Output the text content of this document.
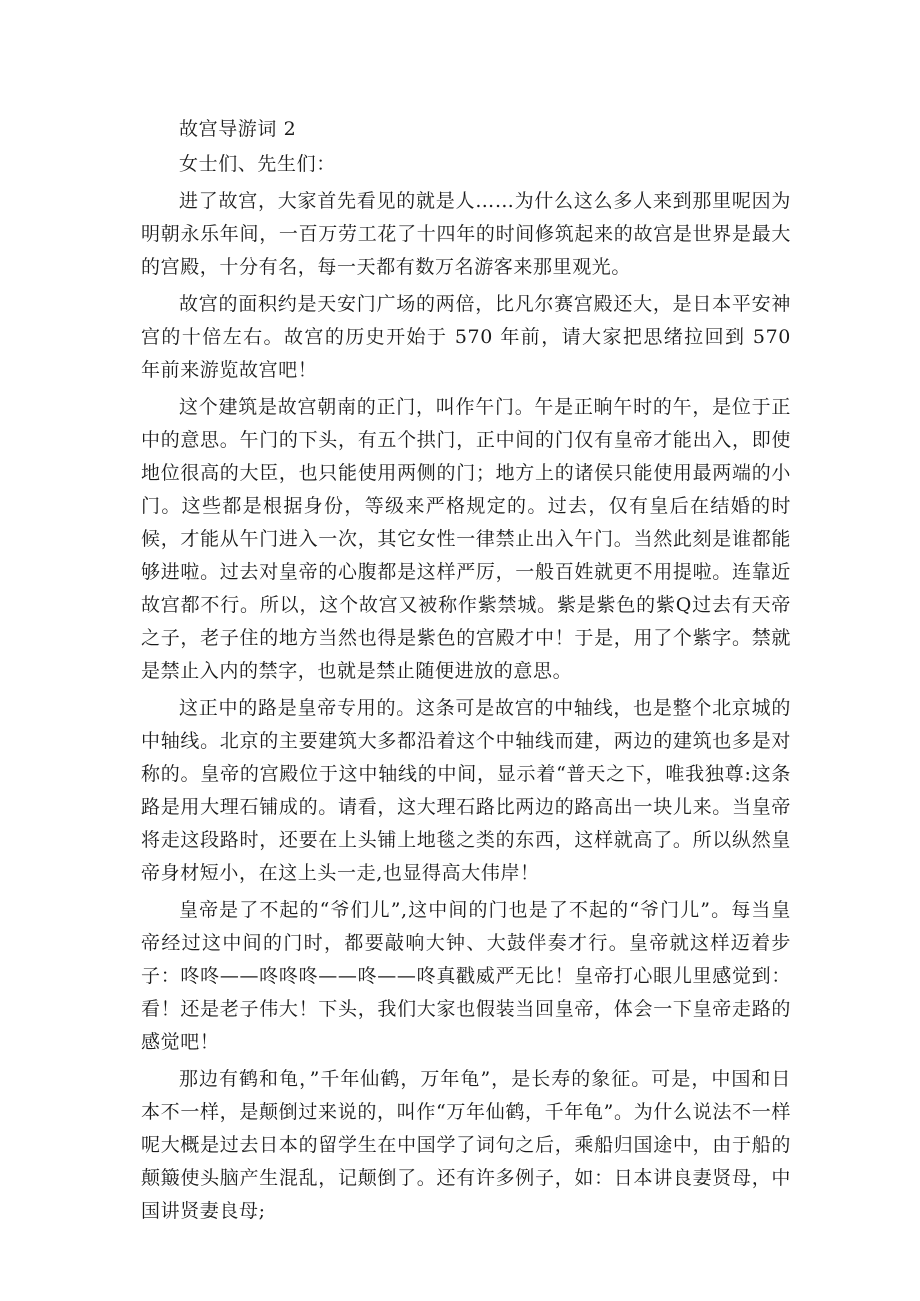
故宫导游词 2
女士们、先生们：
进了故宫，大家首先看见的就是人……为什么这么多人来到那里呢因为明朝永乐年间，一百万劳工花了十四年的时间修筑起来的故宫是世界是最大的宫殿，十分有名，每一天都有数万名游客来那里观光。
故宫的面积约是天安门广场的两倍，比凡尔赛宫殿还大，是日本平安神宫的十倍左右。故宫的历史开始于 570 年前，请大家把思绪拉回到 570 年前来游览故宫吧！
这个建筑是故宫朝南的正门，叫作午门。午是正晌午时的午，是位于正中的意思。午门的下头，有五个拱门，正中间的门仅有皇帝才能出入，即使地位很高的大臣，也只能使用两侧的门；地方上的诸侯只能使用最两端的小门。这些都是根据身份，等级来严格规定的。过去，仅有皇后在结婚的时候，才能从午门进入一次，其它女性一律禁止出入午门。当然此刻是谁都能够进啦。过去对皇帝的心腹都是这样严厉，一般百姓就更不用提啦。连靠近故宫都不行。所以，这个故宫又被称作紫禁城。紫是紫色的紫Q过去有天帝之子，老子住的地方当然也得是紫色的宫殿才中！于是，用了个紫字。禁就是禁止入内的禁字，也就是禁止随便进放的意思。
这正中的路是皇帝专用的。这条可是故宫的中轴线，也是整个北京城的中轴线。北京的主要建筑大多都沿着这个中轴线而建，两边的建筑也多是对称的。皇帝的宫殿位于这中轴线的中间，显示着“普天之下，唯我独尊:这条路是用大理石铺成的。请看，这大理石路比两边的路高出一块儿来。当皇帝将走这段路时，还要在上头铺上地毯之类的东西，这样就高了。所以纵然皇帝身材短小，在这上头一走,也显得高大伟岸！
皇帝是了不起的“爷们儿”,这中间的门也是了不起的“爷门儿”。每当皇帝经过这中间的门时，都要敲响大钟、大鼓伴奏才行。皇帝就这样迈着步子：咚咚——咚咚咚——咚——咚真戳威严无比！皇帝打心眼儿里感觉到：看！还是老子伟大！下头，我们大家也假装当回皇帝，体会一下皇帝走路的感觉吧！
那边有鹤和龟，”千年仙鹤，万年龟”，是长寿的象征。可是，中国和日本不一样，是颠倒过来说的，叫作“万年仙鹤，千年龟”。为什么说法不一样呢大概是过去日本的留学生在中国学了词句之后，乘船归国途中，由于船的颠簸使头脑产生混乱，记颠倒了。还有许多例子，如：日本讲良妻贤母，中国讲贤妻良母;
